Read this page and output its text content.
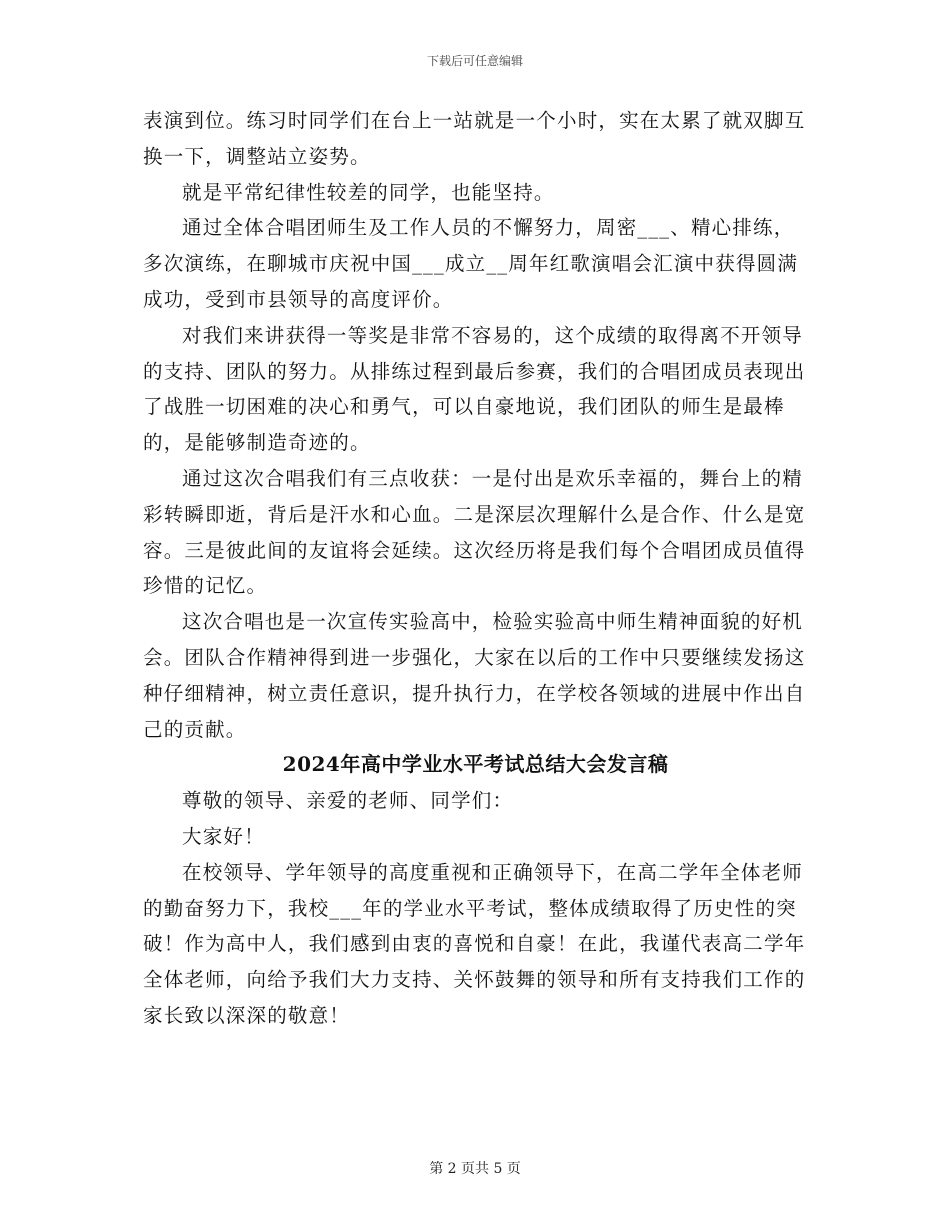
下载后可任意编辑

表演到位。练习时同学们在台上一站就是一个小时，实在太累了就双脚互换一下，调整站立姿势。

就是平常纪律性较差的同学，也能坚持。

通过全体合唱团师生及工作人员的不懈努力，周密___、精心排练，多次演练，在聊城市庆祝中国___成立__周年红歌演唱会汇演中获得圆满成功，受到市县领导的高度评价。

对我们来讲获得一等奖是非常不容易的，这个成绩的取得离不开领导的支持、团队的努力。从排练过程到最后参赛，我们的合唱团成员表现出了战胜一切困难的决心和勇气，可以自豪地说，我们团队的师生是最棒的，是能够制造奇迹的。

通过这次合唱我们有三点收获：一是付出是欢乐幸福的，舞台上的精彩转瞬即逝，背后是汗水和心血。二是深层次理解什么是合作、什么是宽容。三是彼此间的友谊将会延续。这次经历将是我们每个合唱团成员值得珍惜的记忆。

这次合唱也是一次宣传实验高中，检验实验高中师生精神面貌的好机会。团队合作精神得到进一步强化，大家在以后的工作中只要继续发扬这种仔细精神，树立责任意识，提升执行力，在学校各领域的进展中作出自己的贡献。

2024年高中学业水平考试总结大会发言稿

尊敬的领导、亲爱的老师、同学们：

大家好！

在校领导、学年领导的高度重视和正确领导下，在高二学年全体老师的勤奋努力下，我校___年的学业水平考试，整体成绩取得了历史性的突破！作为高中人，我们感到由衷的喜悦和自豪！在此，我谨代表高二学年全体老师，向给予我们大力支持、关怀鼓舞的领导和所有支持我们工作的家长致以深深的敬意！

第 2 页共 5 页
